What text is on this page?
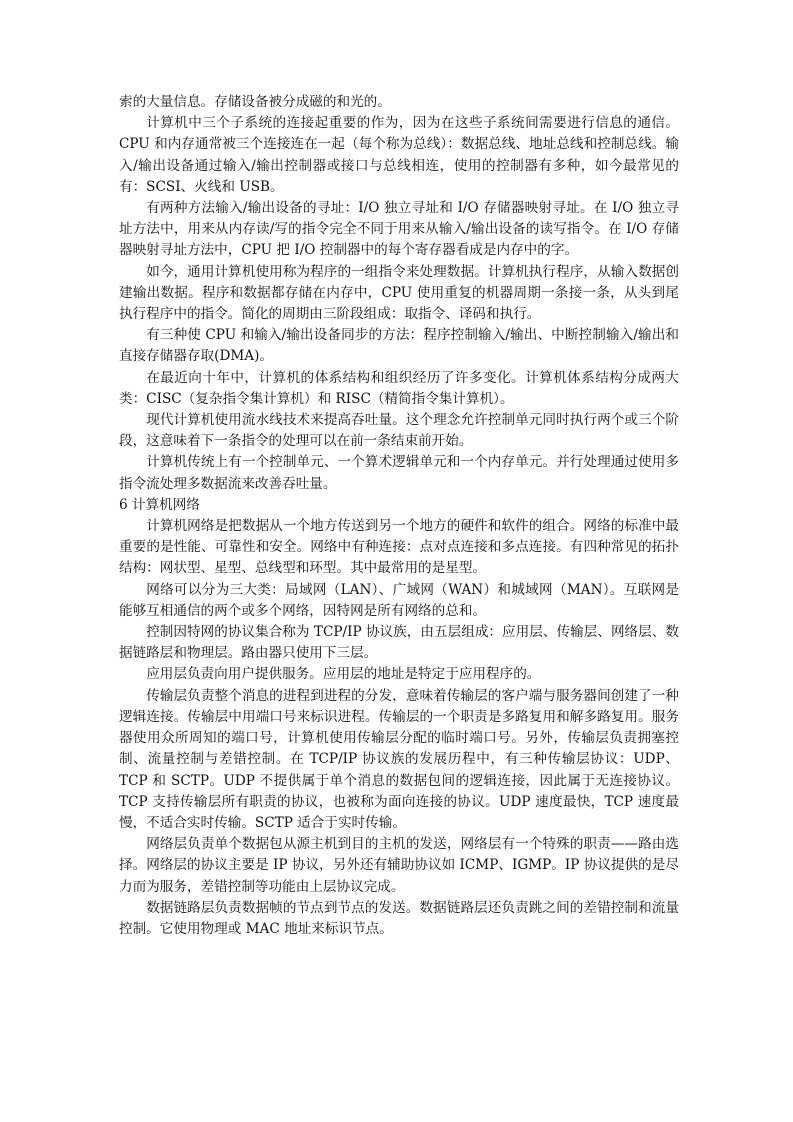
索的大量信息。存储设备被分成磁的和光的。

计算机中三个子系统的连接起重要的作为，因为在这些子系统间需要进行信息的通信。CPU 和内存通常被三个连接连在一起（每个称为总线）：数据总线、地址总线和控制总线。输入/输出设备通过输入/输出控制器或接口与总线相连，使用的控制器有多种，如今最常见的有：SCSI、火线和 USB。

有两种方法输入/输出设备的寻址：I/O 独立寻址和 I/O 存储器映射寻址。在 I/O 独立寻址方法中，用来从内存读/写的指令完全不同于用来从输入/输出设备的读写指令。在 I/O 存储器映射寻址方法中，CPU 把 I/O 控制器中的每个寄存器看成是内存中的字。

如今，通用计算机使用称为程序的一组指令来处理数据。计算机执行程序，从输入数据创建输出数据。程序和数据都存储在内存中，CPU 使用重复的机器周期一条接一条，从头到尾执行程序中的指令。简化的周期由三阶段组成：取指令、译码和执行。

有三种使 CPU 和输入/输出设备同步的方法：程序控制输入/输出、中断控制输入/输出和直接存储器存取(DMA)。

在最近向十年中，计算机的体系结构和组织经历了许多变化。计算机体系结构分成两大类：CISC（复杂指令集计算机）和 RISC（精简指令集计算机）。

现代计算机使用流水线技术来提高吞吐量。这个理念允许控制单元同时执行两个或三个阶段，这意味着下一条指令的处理可以在前一条结束前开始。

计算机传统上有一个控制单元、一个算术逻辑单元和一个内存单元。并行处理通过使用多指令流处理多数据流来改善吞吐量。

6 计算机网络

计算机网络是把数据从一个地方传送到另一个地方的硬件和软件的组合。网络的标准中最重要的是性能、可靠性和安全。网络中有种连接：点对点连接和多点连接。有四种常见的拓扑结构：网状型、星型、总线型和环型。其中最常用的是星型。

网络可以分为三大类：局域网（LAN）、广域网（WAN）和城域网（MAN）。互联网是能够互相通信的两个或多个网络，因特网是所有网络的总和。

控制因特网的协议集合称为 TCP/IP 协议族，由五层组成：应用层、传输层、网络层、数据链路层和物理层。路由器只使用下三层。

应用层负责向用户提供服务。应用层的地址是特定于应用程序的。

传输层负责整个消息的进程到进程的分发，意味着传输层的客户端与服务器间创建了一种逻辑连接。传输层中用端口号来标识进程。传输层的一个职责是多路复用和解多路复用。服务器使用众所周知的端口号，计算机使用传输层分配的临时端口号。另外，传输层负责拥塞控制、流量控制与差错控制。在 TCP/IP 协议族的发展历程中，有三种传输层协议：UDP、TCP 和 SCTP。UDP 不提供属于单个消息的数据包间的逻辑连接，因此属于无连接协议。TCP 支持传输层所有职责的协议，也被称为面向连接的协议。UDP 速度最快，TCP 速度最慢，不适合实时传输。SCTP 适合于实时传输。

网络层负责单个数据包从源主机到目的主机的发送，网络层有一个特殊的职责——路由选择。网络层的协议主要是 IP 协议，另外还有辅助协议如 ICMP、IGMP。IP 协议提供的是尽力而为服务，差错控制等功能由上层协议完成。

数据链路层负责数据帧的节点到节点的发送。数据链路层还负责跳之间的差错控制和流量控制。它使用物理或 MAC 地址来标识节点。
